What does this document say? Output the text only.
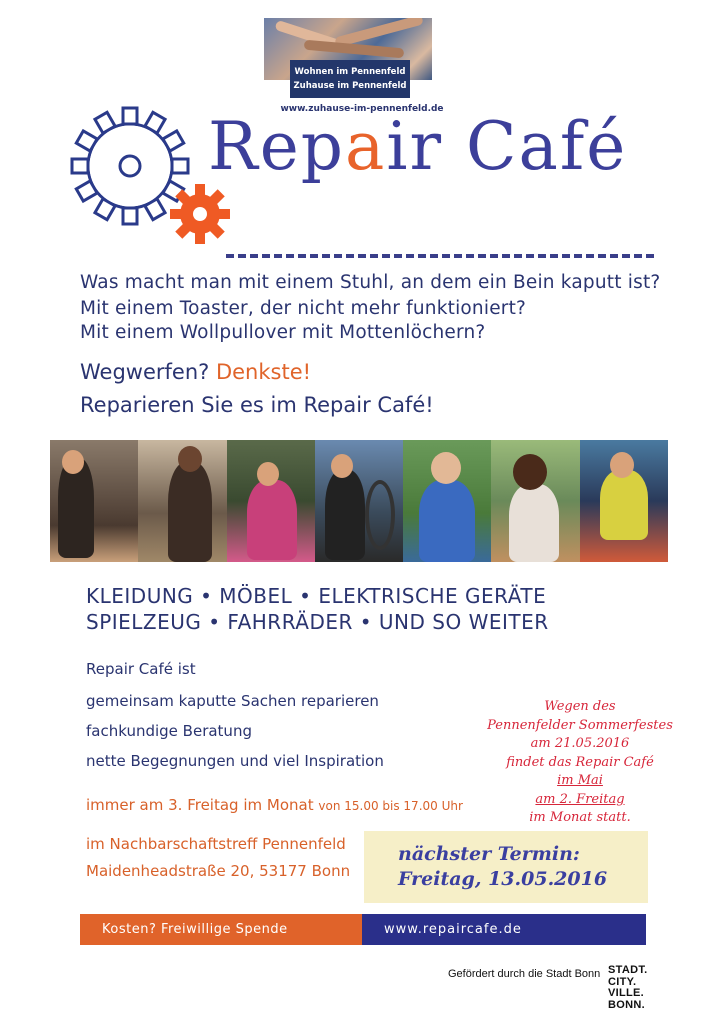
Wohnen im Pennenfeld
Zuhause im Pennenfeld
www.zuhause-im-pennenfeld.de
Repair Café
Was macht man mit einem Stuhl, an dem ein Bein kaputt ist?
Mit einem Toaster, der nicht mehr funktioniert?
Mit einem Wollpullover mit Mottenlöchern?
Wegwerfen? Denkste!
Reparieren Sie es im Repair Café!
KLEIDUNG • MÖBEL • ELEKTRISCHE GERÄTE
SPIELZEUG • FAHRRÄDER • UND SO WEITER
Repair Café ist
gemeinsam kaputte Sachen reparieren
fachkundige Beratung
nette Begegnungen und viel Inspiration
immer am 3. Freitag im Monat von 15.00 bis 17.00 Uhr
im Nachbarschaftstreff Pennenfeld
Maidenheadstraße 20, 53177 Bonn
Wegen des
Pennenfelder Sommerfestes
am 21.05.2016
findet das Repair Café
im Mai
am 2. Freitag
im Monat statt.
nächster Termin:
Freitag, 13.05.2016
Kosten? Freiwillige Spende	www.repaircafe.de
Gefördert durch die Stadt Bonn STADT.
CITY.
VILLE.
BONN.
